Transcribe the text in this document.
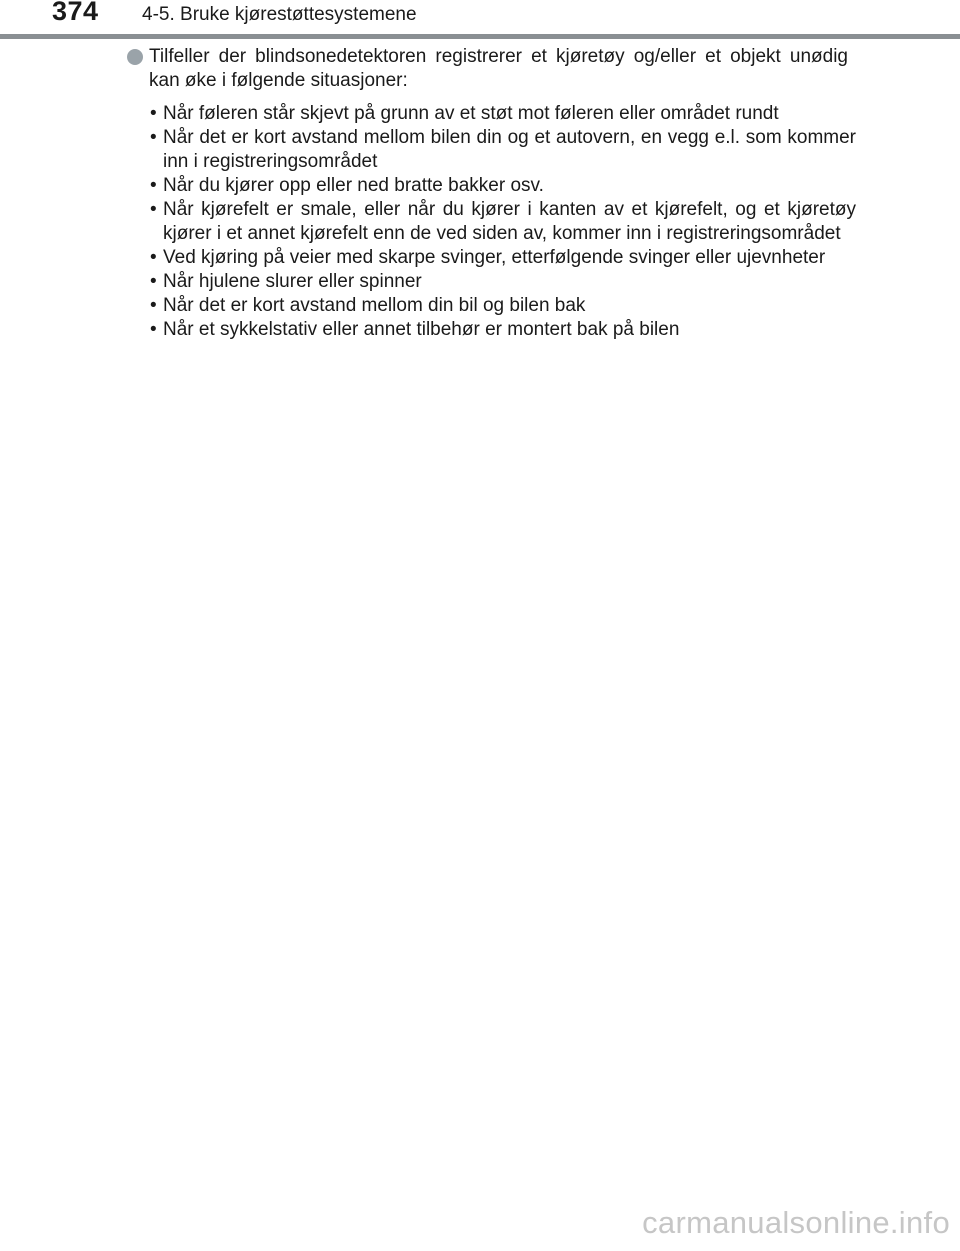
374 4-5. Bruke kjørestøttesystemene
Tilfeller der blindsonedetektoren registrerer et kjøretøy og/eller et objekt unødig kan øke i følgende situasjoner:
• Når føleren står skjevt på grunn av et støt mot føleren eller området rundt
• Når det er kort avstand mellom bilen din og et autovern, en vegg e.l. som kommer inn i registreringsområdet
• Når du kjører opp eller ned bratte bakker osv.
• Når kjørefelt er smale, eller når du kjører i kanten av et kjørefelt, og et kjøretøy kjører i et annet kjørefelt enn de ved siden av, kommer inn i registreringsområdet
• Ved kjøring på veier med skarpe svinger, etterfølgende svinger eller ujevnheter
• Når hjulene slurer eller spinner
• Når det er kort avstand mellom din bil og bilen bak
• Når et sykkelstativ eller annet tilbehør er montert bak på bilen
carmanualsonline.info
